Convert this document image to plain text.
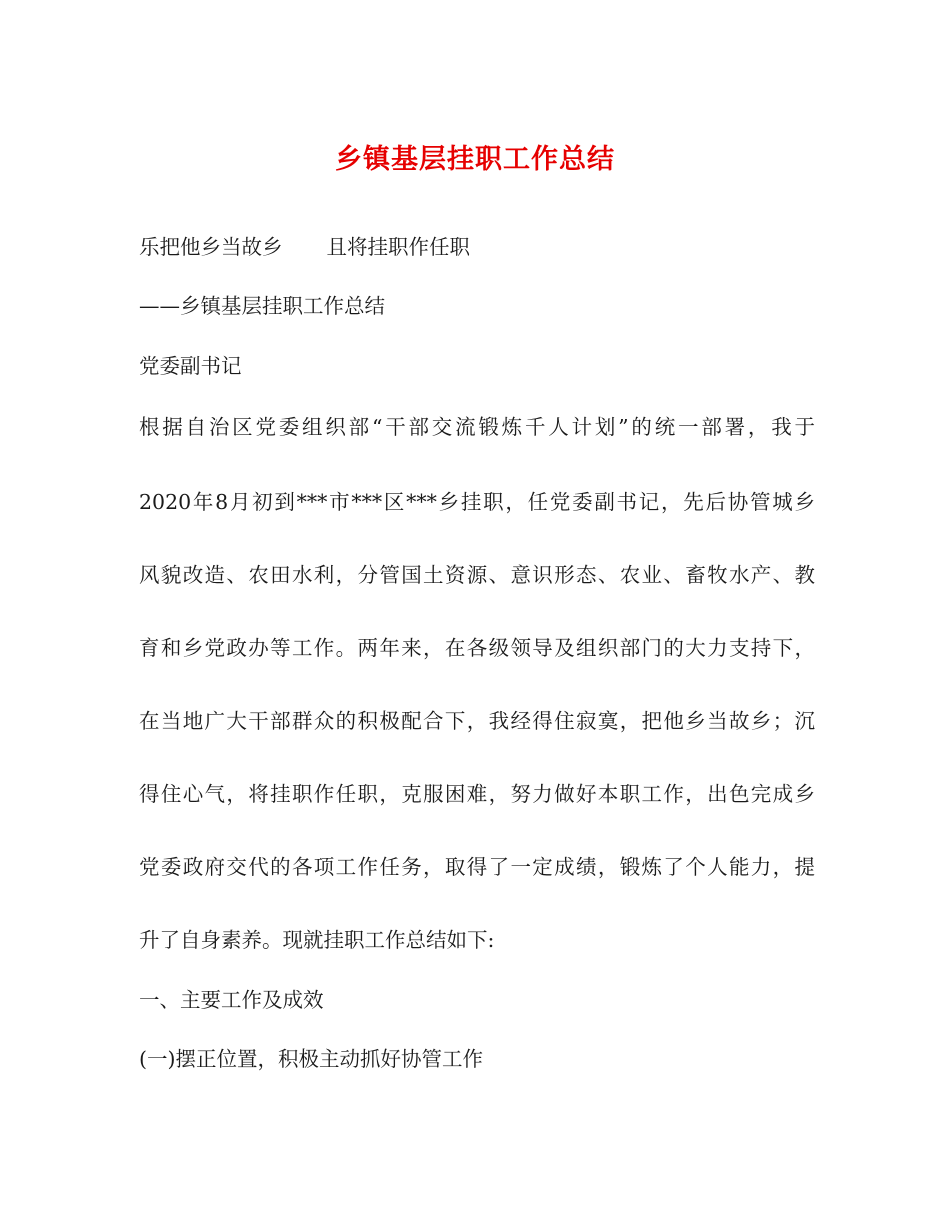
乡镇基层挂职工作总结

乐把他乡当故乡 且将挂职作任职

——乡镇基层挂职工作总结

党委副书记

根据自治区党委组织部“干部交流锻炼千人计划”的统一部署，我于

2020年8月初到***市***区***乡挂职，任党委副书记，先后协管城乡

风貌改造、农田水利，分管国土资源、意识形态、农业、畜牧水产、教

育和乡党政办等工作。两年来，在各级领导及组织部门的大力支持下，

在当地广大干部群众的积极配合下，我经得住寂寞，把他乡当故乡；沉

得住心气，将挂职作任职，克服困难，努力做好本职工作，出色完成乡

党委政府交代的各项工作任务，取得了一定成绩，锻炼了个人能力，提

升了自身素养。现就挂职工作总结如下:

一、主要工作及成效

(一)摆正位置，积极主动抓好协管工作
